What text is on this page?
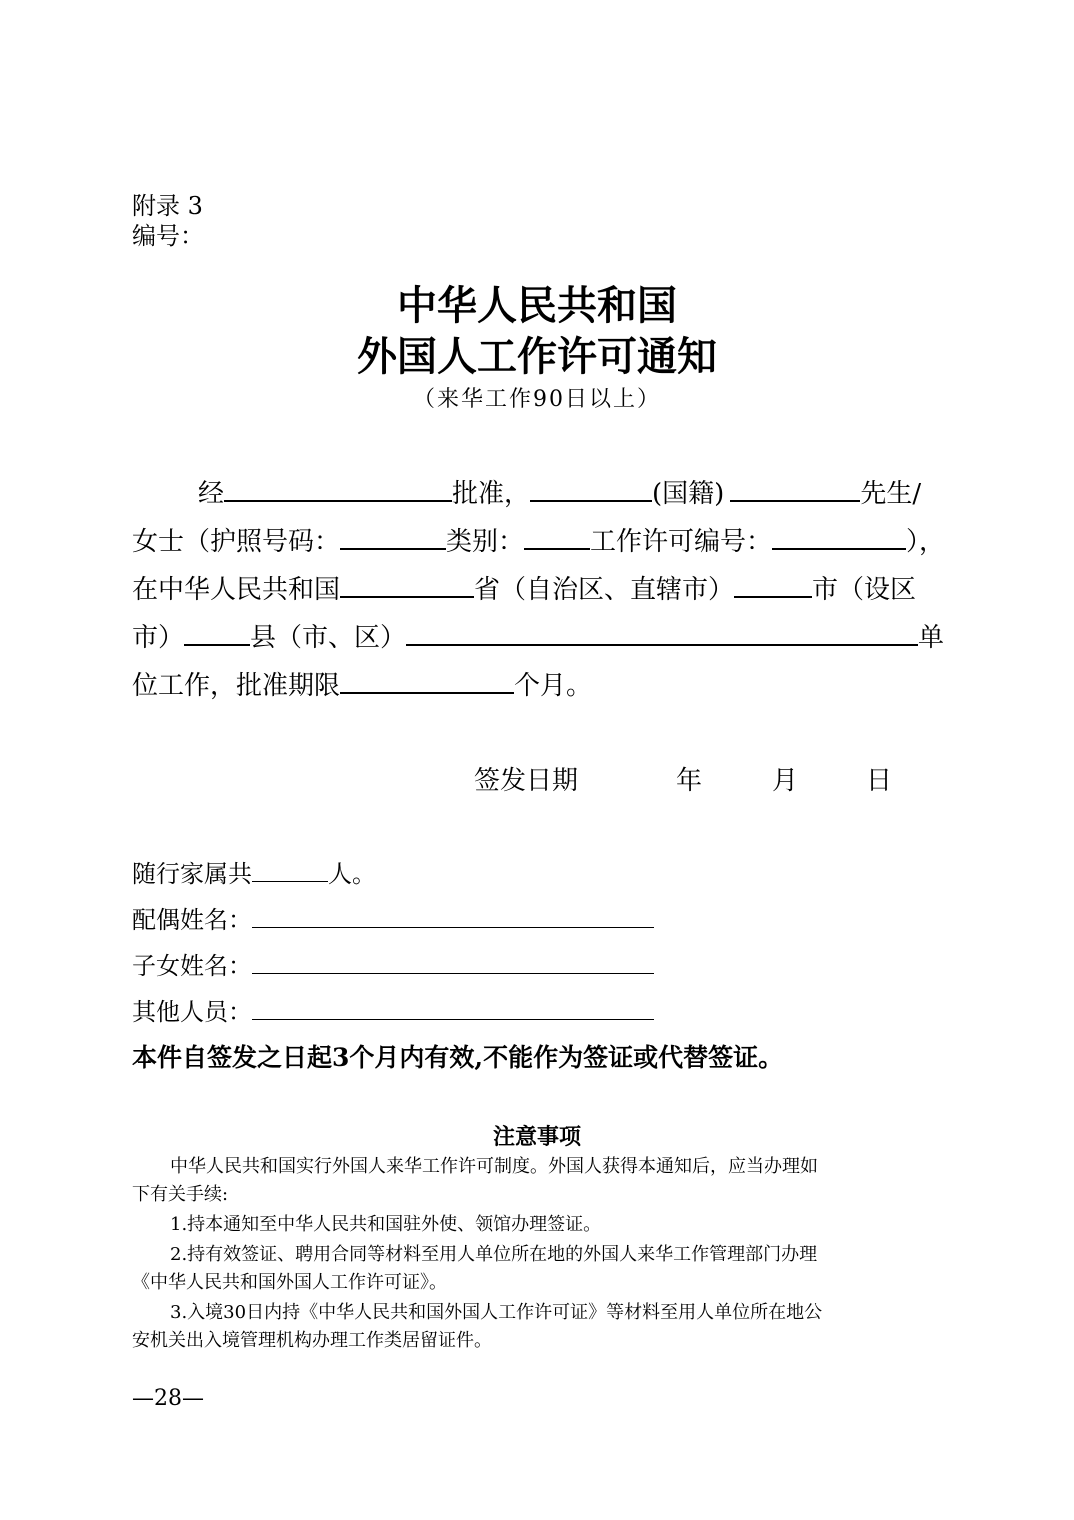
附录 3
编号：
中华人民共和国
外国人工作许可通知
（来华工作90日以上）
经	批准，	(国籍)	先生/
女士（护照号码：	类别：	工作许可编号：	），
在中华人民共和国	省（自治区、直辖市）	市（设区
市）	县（市、区）	单
位工作，批准期限	个月。
签发日期	年	月	日
随行家属共	人。
配偶姓名：
子女姓名：
其他人员：
本件自签发之日起3个月内有效,不能作为签证或代替签证。
注意事项
中华人民共和国实行外国人来华工作许可制度。外国人获得本通知后，应当办理如
下有关手续:
1.持本通知至中华人民共和国驻外使、领馆办理签证。
2.持有效签证、聘用合同等材料至用人单位所在地的外国人来华工作管理部门办理
《中华人民共和国外国人工作许可证》。
3.入境30日内持《中华人民共和国外国人工作许可证》等材料至用人单位所在地公
安机关出入境管理机构办理工作类居留证件。
—28—
